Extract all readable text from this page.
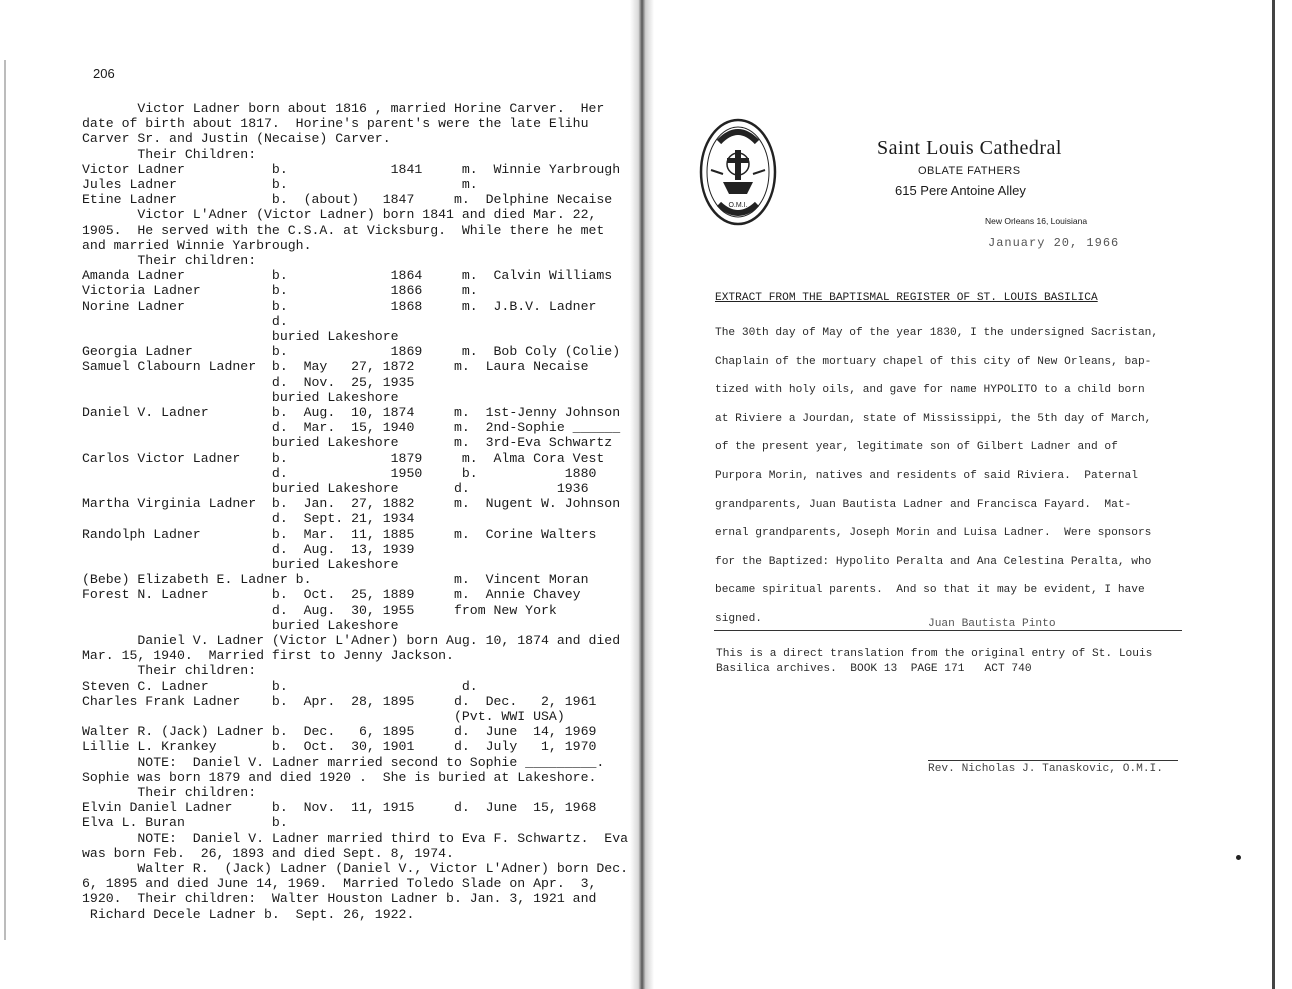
206
Victor Ladner born about 1816 , married Horine Carver.  Her
date of birth about 1817.  Horine's parent's were the late Elihu
Carver Sr. and Justin (Necaise) Carver.
Their Children:
Victor Ladner           b.             1841     m.  Winnie Yarbrough
Jules Ladner            b.                      m.
Etine Ladner            b.  (about)   1847     m.  Delphine Necaise
Victor L'Adner (Victor Ladner) born 1841 and died Mar. 22,
1905.  He served with the C.S.A. at Vicksburg.  While there he met
and married Winnie Yarbrough.
Their children:
Amanda Ladner           b.             1864     m.  Calvin Williams
Victoria Ladner         b.             1866     m.
Norine Ladner           b.             1868     m.  J.B.V. Ladner
d.
buried Lakeshore
Georgia Ladner          b.             1869     m.  Bob Coly (Colie)
Samuel Clabourn Ladner  b.  May   27, 1872     m.  Laura Necaise
d.  Nov.  25, 1935
buried Lakeshore
Daniel V. Ladner        b.  Aug.  10, 1874     m.  1st-Jenny Johnson
d.  Mar.  15, 1940     m.  2nd-Sophie ______
buried Lakeshore       m.  3rd-Eva Schwartz
Carlos Victor Ladner    b.             1879     m.  Alma Cora Vest
d.             1950     b.           1880
buried Lakeshore       d.           1936
Martha Virginia Ladner  b.  Jan.  27, 1882     m.  Nugent W. Johnson
d.  Sept. 21, 1934
Randolph Ladner         b.  Mar.  11, 1885     m.  Corine Walters
d.  Aug.  13, 1939
buried Lakeshore
(Bebe) Elizabeth E. Ladner b.                  m.  Vincent Moran
Forest N. Ladner        b.  Oct.  25, 1889     m.  Annie Chavey
d.  Aug.  30, 1955     from New York
buried Lakeshore
Daniel V. Ladner (Victor L'Adner) born Aug. 10, 1874 and died
Mar. 15, 1940.  Married first to Jenny Jackson.
Their children:
Steven C. Ladner        b.                      d.
Charles Frank Ladner    b.  Apr.  28, 1895     d.  Dec.   2, 1961
(Pvt. WWI USA)
Walter R. (Jack) Ladner b.  Dec.   6, 1895     d.  June  14, 1969
Lillie L. Krankey       b.  Oct.  30, 1901     d.  July   1, 1970
NOTE:  Daniel V. Ladner married second to Sophie _________.
Sophie was born 1879 and died 1920 .  She is buried at Lakeshore.
Their children:
Elvin Daniel Ladner     b.  Nov.  11, 1915     d.  June  15, 1968
Elva L. Buran           b.
NOTE:  Daniel V. Ladner married third to Eva F. Schwartz.  Eva
was born Feb.  26, 1893 and died Sept. 8, 1974.
Walter R.  (Jack) Ladner (Daniel V., Victor L'Adner) born Dec.
6, 1895 and died June 14, 1969.  Married Toledo Slade on Apr.  3,
1920.  Their children:  Walter Houston Ladner b. Jan. 3, 1921 and
Richard Decele Ladner b.  Sept. 26, 1922.
O.M.I.
Saint Louis Cathedral
OBLATE FATHERS
615 Pere Antoine Alley
New Orleans 16, Louisiana
January 20, 1966
EXTRACT FROM THE BAPTISMAL REGISTER OF ST. LOUIS BASILICA
The 30th day of May of the year 1830, I the undersigned Sacristan,
Chaplain of the mortuary chapel of this city of New Orleans, bap-
tized with holy oils, and gave for name HYPOLITO to a child born
at Riviere a Jourdan, state of Mississippi, the 5th day of March,
of the present year, legitimate son of Gilbert Ladner and of
Purpora Morin, natives and residents of said Riviera.  Paternal
grandparents, Juan Bautista Ladner and Francisca Fayard.  Mat-
ernal grandparents, Joseph Morin and Luisa Ladner.  Were sponsors
for the Baptized: Hypolito Peralta and Ana Celestina Peralta, who
became spiritual parents.  And so that it may be evident, I have
signed.	Juan Bautista Pinto
This is a direct translation from the original entry of St. Louis
Basilica archives.  BOOK 13  PAGE 171   ACT 740
Rev. Nicholas J. Tanaskovic, O.M.I.
